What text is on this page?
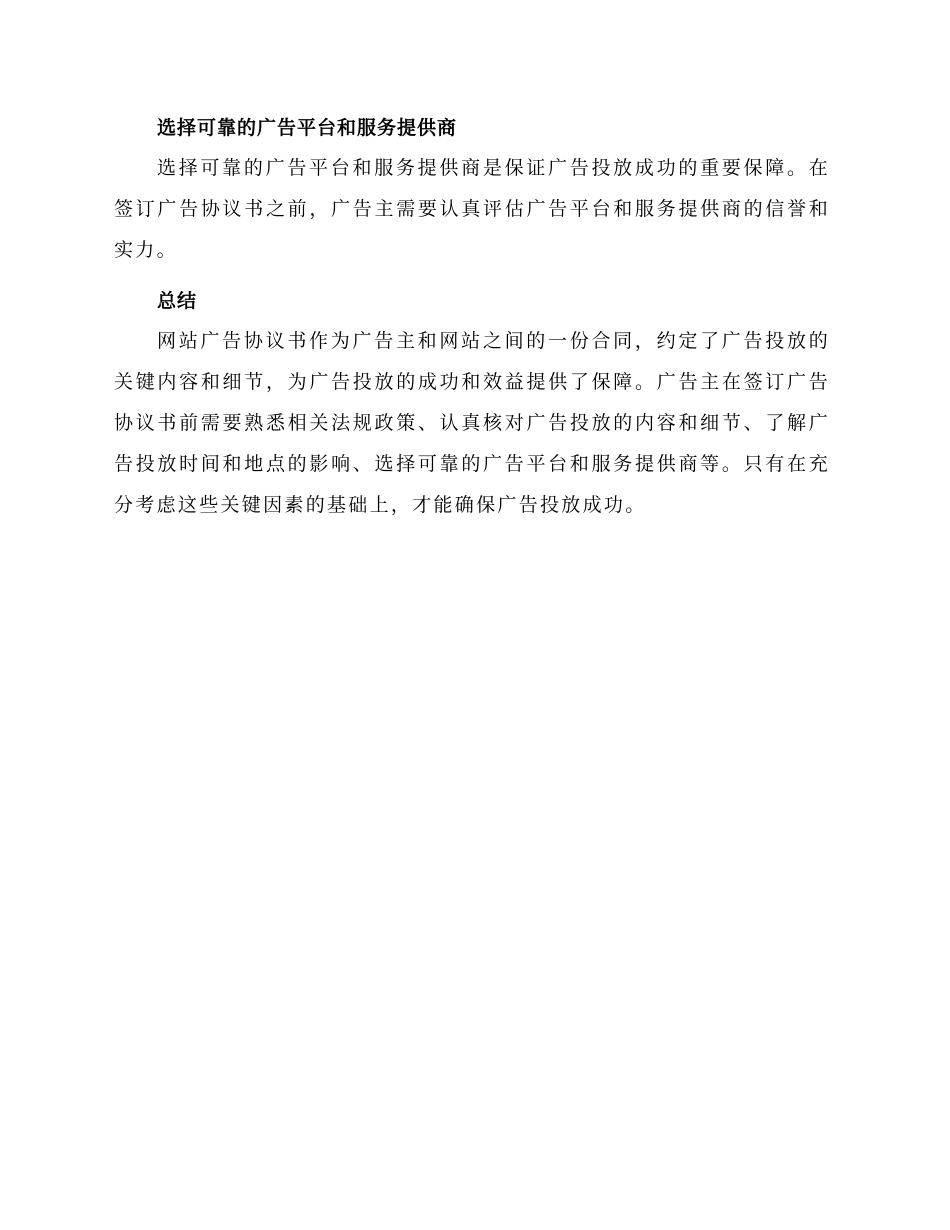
选择可靠的广告平台和服务提供商

选择可靠的广告平台和服务提供商是保证广告投放成功的重要保障。在签订广告协议书之前，广告主需要认真评估广告平台和服务提供商的信誉和实力。

总结

网站广告协议书作为广告主和网站之间的一份合同，约定了广告投放的关键内容和细节，为广告投放的成功和效益提供了保障。广告主在签订广告协议书前需要熟悉相关法规政策、认真核对广告投放的内容和细节、了解广告投放时间和地点的影响、选择可靠的广告平台和服务提供商等。只有在充分考虑这些关键因素的基础上，才能确保广告投放成功。
